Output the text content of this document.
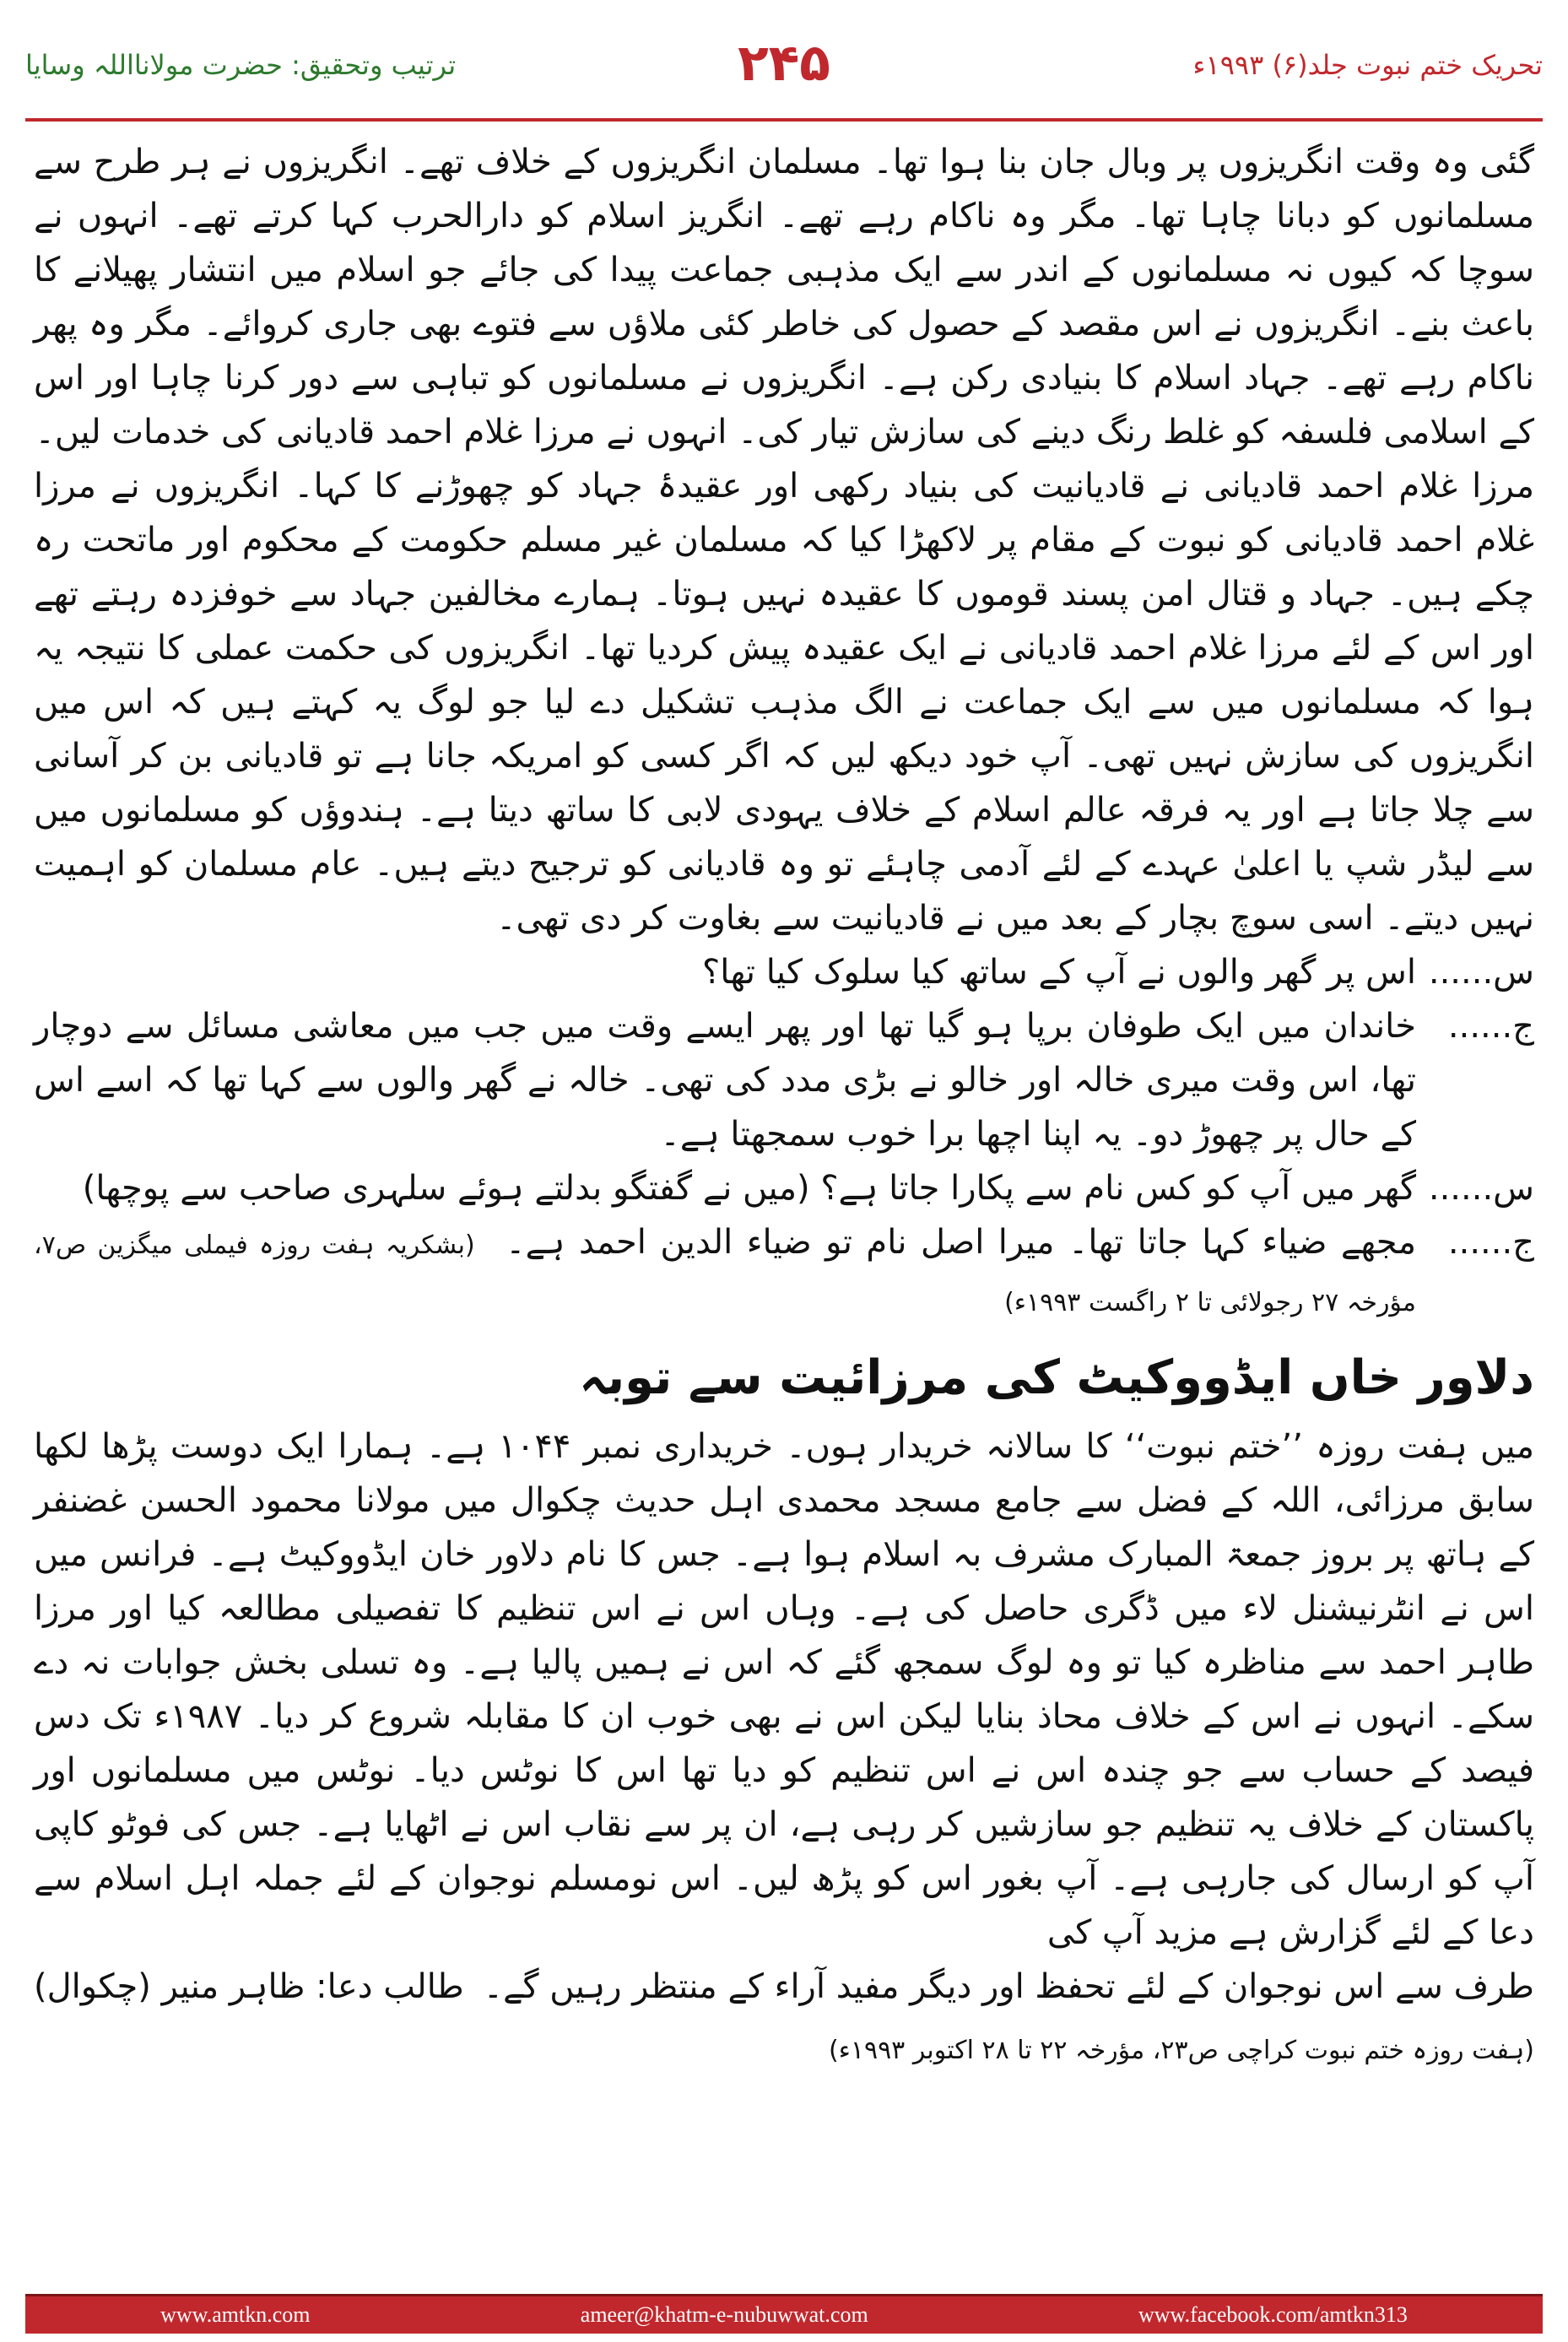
ترتیب وتحقیق: حضرت مولانااللہ وسایا	۲۴۵	تحریک ختم نبوت جلد(۶) ۱۹۹۳ء

گئی وہ وقت انگریزوں پر وبال جان بنا ہوا تھا۔ مسلمان انگریزوں کے خلاف تھے۔ انگریزوں نے ہر طرح سے مسلمانوں کو دبانا چاہا تھا۔ مگر وہ ناکام رہے تھے۔ انگریز اسلام کو دارالحرب کہا کرتے تھے۔ انہوں نے سوچا کہ کیوں نہ مسلمانوں کے اندر سے ایک مذہبی جماعت پیدا کی جائے جو اسلام میں انتشار پھیلانے کا باعث بنے۔ انگریزوں نے اس مقصد کے حصول کی خاطر کئی ملاؤں سے فتوے بھی جاری کروائے۔ مگر وہ پھر ناکام رہے تھے۔ جہاد اسلام کا بنیادی رکن ہے۔ انگریزوں نے مسلمانوں کو تباہی سے دور کرنا چاہا اور اس کے اسلامی فلسفہ کو غلط رنگ دینے کی سازش تیار کی۔ انہوں نے مرزا غلام احمد قادیانی کی خدمات لیں۔

مرزا غلام احمد قادیانی نے قادیانیت کی بنیاد رکھی اور عقیدۂ جہاد کو چھوڑنے کا کہا۔ انگریزوں نے مرزا غلام احمد قادیانی کو نبوت کے مقام پر لاکھڑا کیا کہ مسلمان غیر مسلم حکومت کے محکوم اور ماتحت رہ چکے ہیں۔ جہاد و قتال امن پسند قوموں کا عقیدہ نہیں ہوتا۔ ہمارے مخالفین جہاد سے خوفزدہ رہتے تھے اور اس کے لئے مرزا غلام احمد قادیانی نے ایک عقیدہ پیش کردیا تھا۔ انگریزوں کی حکمت عملی کا نتیجہ یہ ہوا کہ مسلمانوں میں سے ایک جماعت نے الگ مذہب تشکیل دے لیا جو لوگ یہ کہتے ہیں کہ اس میں انگریزوں کی سازش نہیں تھی۔ آپ خود دیکھ لیں کہ اگر کسی کو امریکہ جانا ہے تو قادیانی بن کر آسانی سے چلا جاتا ہے اور یہ فرقہ عالم اسلام کے خلاف یہودی لابی کا ساتھ دیتا ہے۔ ہندوؤں کو مسلمانوں میں سے لیڈر شپ یا اعلیٰ عہدے کے لئے آدمی چاہئے تو وہ قادیانی کو ترجیح دیتے ہیں۔ عام مسلمان کو اہمیت نہیں دیتے۔ اسی سوچ بچار کے بعد میں نے قادیانیت سے بغاوت کر دی تھی۔

س......
اس پر گھر والوں نے آپ کے ساتھ کیا سلوک کیا تھا؟
ج......
خاندان میں ایک طوفان برپا ہو گیا تھا اور پھر ایسے وقت میں جب میں معاشی مسائل سے دوچار تھا، اس وقت میری خالہ اور خالو نے بڑی مدد کی تھی۔ خالہ نے گھر والوں سے کہا تھا کہ اسے اس کے حال پر چھوڑ دو۔ یہ اپنا اچھا برا خوب سمجھتا ہے۔
س......
گھر میں آپ کو کس نام سے پکارا جاتا ہے؟ (میں نے گفتگو بدلتے ہوئے سلہری صاحب سے پوچھا)
ج......
مجھے ضیاء کہا جاتا تھا۔ میرا اصل نام تو ضیاء الدین احمد ہے۔ (بشکریہ ہفت روزہ فیملی میگزین ص۷، مؤرخہ ۲۷ رجولائی تا ۲ راگست ۱۹۹۳ء)
دلاور خاں ایڈووکیٹ کی مرزائیت سے توبہ

میں ہفت روزہ ’’ختم نبوت‘‘ کا سالانہ خریدار ہوں۔ خریداری نمبر ۱۰۴۴ ہے۔ ہمارا ایک دوست پڑھا لکھا سابق مرزائی، اللہ کے فضل سے جامع مسجد محمدی اہل حدیث چکوال میں مولانا محمود الحسن غضنفر کے ہاتھ پر بروز جمعۃ المبارک مشرف بہ اسلام ہوا ہے۔ جس کا نام دلاور خان ایڈووکیٹ ہے۔ فرانس میں اس نے انٹرنیشنل لاء میں ڈگری حاصل کی ہے۔ وہاں اس نے اس تنظیم کا تفصیلی مطالعہ کیا اور مرزا طاہر احمد سے مناظرہ کیا تو وہ لوگ سمجھ گئے کہ اس نے ہمیں پالیا ہے۔ وہ تسلی بخش جوابات نہ دے سکے۔ انہوں نے اس کے خلاف محاذ بنایا لیکن اس نے بھی خوب ان کا مقابلہ شروع کر دیا۔ ۱۹۸۷ء تک دس فیصد کے حساب سے جو چندہ اس نے اس تنظیم کو دیا تھا اس کا نوٹس دیا۔ نوٹس میں مسلمانوں اور پاکستان کے خلاف یہ تنظیم جو سازشیں کر رہی ہے، ان پر سے نقاب اس نے اٹھایا ہے۔ جس کی فوٹو کاپی آپ کو ارسال کی جارہی ہے۔ آپ بغور اس کو پڑھ لیں۔ اس نومسلم نوجوان کے لئے جملہ اہل اسلام سے دعا کے لئے گزارش ہے مزید آپ کی

طرف سے اس نوجوان کے لئے تحفظ اور دیگر مفید آراء کے منتظر رہیں گے۔
طالب دعا: ظاہر منیر (چکوال)
(ہفت روزہ ختم نبوت کراچی ص۲۳، مؤرخہ ۲۲ تا ۲۸ اکتوبر ۱۹۹۳ء)
www.amtkn.com	ameer@khatm-e-nubuwwat.com	www.facebook.com/amtkn313
